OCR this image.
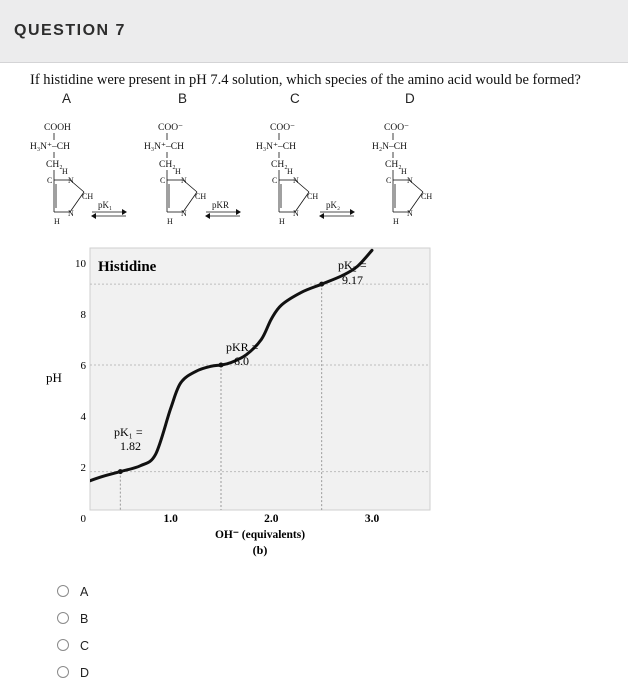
QUESTION 7
If histidine were present in pH 7.4 solution, which species of the amino acid would be formed?
A	B	C	D
COOH
H₃N⁺–CH
CH₂
H
C N
CH
N
H
pK₁
COO⁻
H₃N⁺–CH
CH₂
H
C N
CH
N
H
pKR
COO⁻
H₃N⁺–CH
CH₂
H
C N
CH
N
H
pK₂
COO⁻
H₂N–CH
CH₂
H
C N
CH
N
H
0
2
4
6
8
10
1.0	2.0	3.0
Histidine
pH
OH⁻ (equivalents)
(b)
pK₁ =
1.82
pKR =
6.0
pK₂ =
9.17
A
B
C
D
